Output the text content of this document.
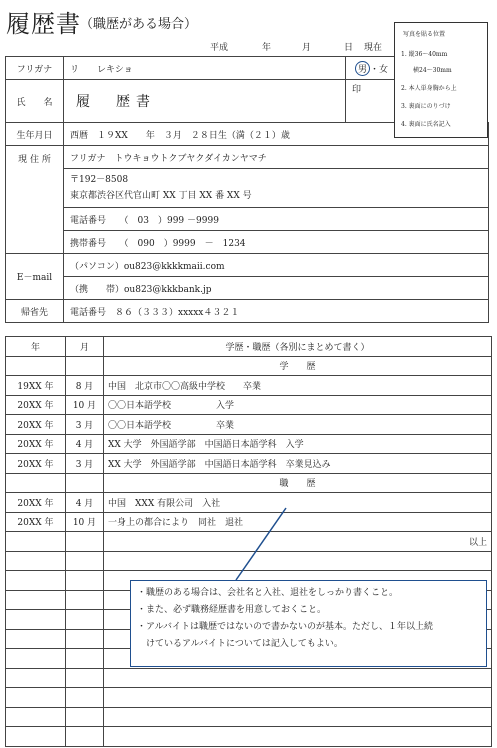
履歴書 （職歴がある場合）
平成	年	月	日 現在
フリガナ	リ　　レキショ	男 ・女	
氏　　名	履　歴書	印	
生年月日	西暦　１９XX　　年　３月　２８日生（満（２１）歳		
現 住 所	フリガナ　トウキョウトクブヤクダイカンヤマチ		

	〒192－8508
東京都渋谷区代官山町 XX 丁目 XX 番 XX 号		

	電話番号　　 （　03　）999 －9999		
	携帯番号　　 （　090　）9999　－　1234		
E－mail	（パソコン）ou823@kkkkmaii.com		
	（携　　帯）ou823@kkkbank.jp		
帰省先	電話番号　８６（３３３）xxxxx４３２１		
写真を貼る位置
1. 縦36〜40mm
横24〜30mm
2. 本人単身胸から上
3. 裏面にのりづけ
4. 裏面に氏名記入
年	月	学歴・職歴（各別にまとめて書く）
		学　　歴
19XX 年	8 月	中国　北京市〇〇高級中学校　　卒業
20XX 年	10 月	〇〇日本語学校　　　　　入学
20XX 年	3 月	〇〇日本語学校　　　　　卒業
20XX 年	4 月	XX 大学　外国語学部　中国語日本語学科　入学
20XX 年	3 月	XX 大学　外国語学部　中国語日本語学科　卒業見込み
		職　　歴
20XX 年	4 月	中国　XXX 有限公司　入社
20XX 年	10 月	一身上の都合により　同社　退社
		以上

・職歴のある場合は、会社名と入社、退社をしっかり書くこと。

・また、必ず職務経歴書を用意しておくこと。

・アルバイトは職歴ではないので書かないのが基本。ただし、１年以上続

　けているアルバイトについては記入してもよい。
